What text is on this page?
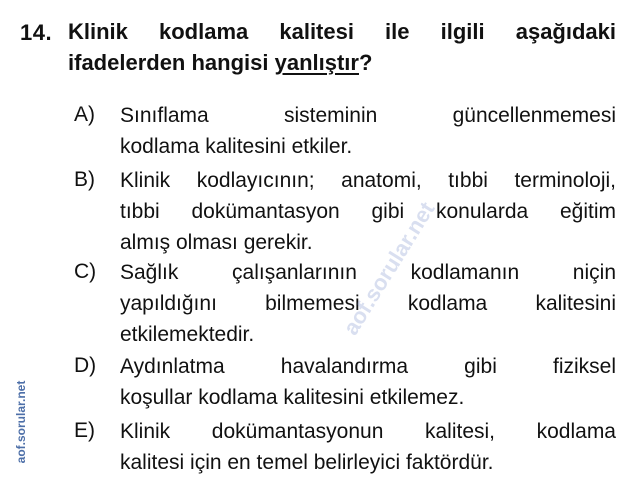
14. Klinik kodlama kalitesi ile ilgili aşağıdaki
ifadelerden hangisi yanlıştır?
A) Sınıflama sisteminin güncellenmemesi
kodlama kalitesini etkiler.
B) Klinik kodlayıcının; anatomi, tıbbi terminoloji,
tıbbi dokümantasyon gibi konularda eğitim
almış olması gerekir.
C) Sağlık çalışanlarının kodlamanın niçin
yapıldığını bilmemesi kodlama kalitesini
etkilemektedir.
D) Aydınlatma havalandırma gibi fiziksel
koşullar kodlama kalitesini etkilemez.
E) Klinik dokümantasyonun kalitesi, kodlama
kalitesi için en temel belirleyici faktördür.
aof.sorular.net
aof.sorular.net
